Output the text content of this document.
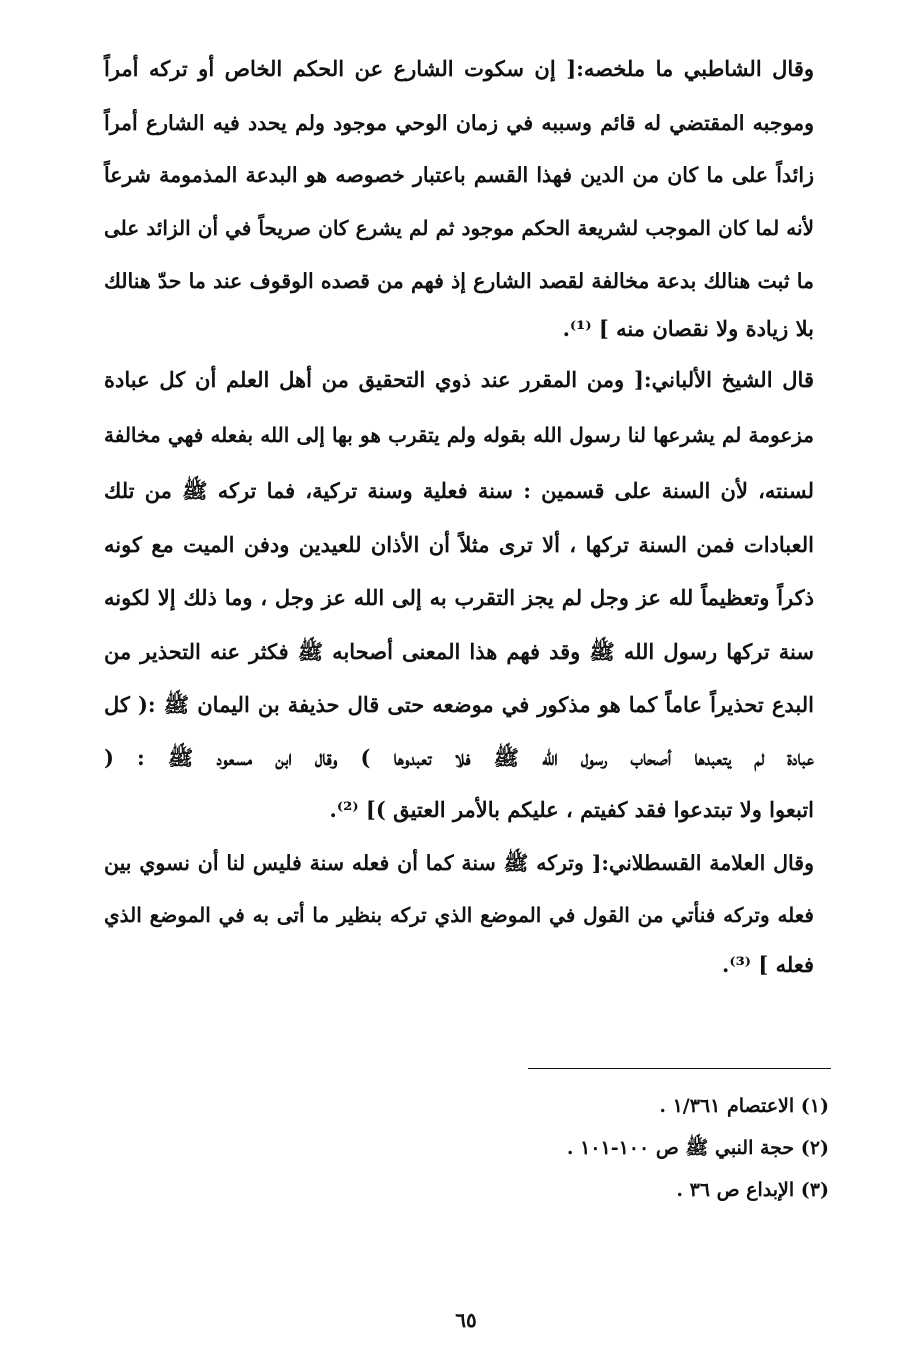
وقال الشاطبي ما ملخصه:[ إن سكوت الشارع عن الحكم الخاص أو تركه أمراً
وموجبه المقتضي له قائم وسببه في زمان الوحي موجود ولم يحدد فيه الشارع أمراً
زائداً على ما كان من الدين فهذا القسم باعتبار خصوصه هو البدعة المذمومة شرعاً
لأنه لما كان الموجب لشريعة الحكم موجود ثم لم يشرع كان صريحاً في أن الزائد على
ما ثبت هنالك بدعة مخالفة لقصد الشارع إذ فهم من قصده الوقوف عند ما حدّ هنالك
بلا زيادة ولا نقصان منه ] ⁽¹⁾.
قال الشيخ الألباني:[ ومن المقرر عند ذوي التحقيق من أهل العلم أن كل عبادة
مزعومة لم يشرعها لنا رسول الله بقوله ولم يتقرب هو بها إلى الله بفعله فهي مخالفة
لسنته، لأن السنة على قسمين : سنة فعلية وسنة تركية، فما تركه ﷺ من تلك
العبادات فمن السنة تركها ، ألا ترى مثلاً أن الأذان للعيدين ودفن الميت مع كونه
ذكراً وتعظيماً لله عز وجل لم يجز التقرب به إلى الله عز وجل ، وما ذلك إلا لكونه
سنة تركها رسول الله ﷺ وقد فهم هذا المعنى أصحابه ﷺ فكثر عنه التحذير من
البدع تحذيراً عاماً كما هو مذكور في موضعه حتى قال حذيفة بن اليمان ﷺ :( كل
عبادة لم يتعبدها أصحاب رسول الله ﷺ فلا تعبدوها ) وقال ابن مسعود ﷺ : (
اتبعوا ولا تبتدعوا فقد كفيتم ، عليكم بالأمر العتيق )] ⁽²⁾.
وقال العلامة القسطلاني:[ وتركه ﷺ سنة كما أن فعله سنة فليس لنا أن نسوي بين
فعله وتركه فنأتي من القول في الموضع الذي تركه بنظير ما أتى به في الموضع الذي
فعله ] ⁽³⁾.
(١) الاعتصام ١/٣٦١ .
(٢) حجة النبي ﷺ ص ١٠٠-١٠١ .
(٣) الإبداع ص ٣٦ .
٦٥
